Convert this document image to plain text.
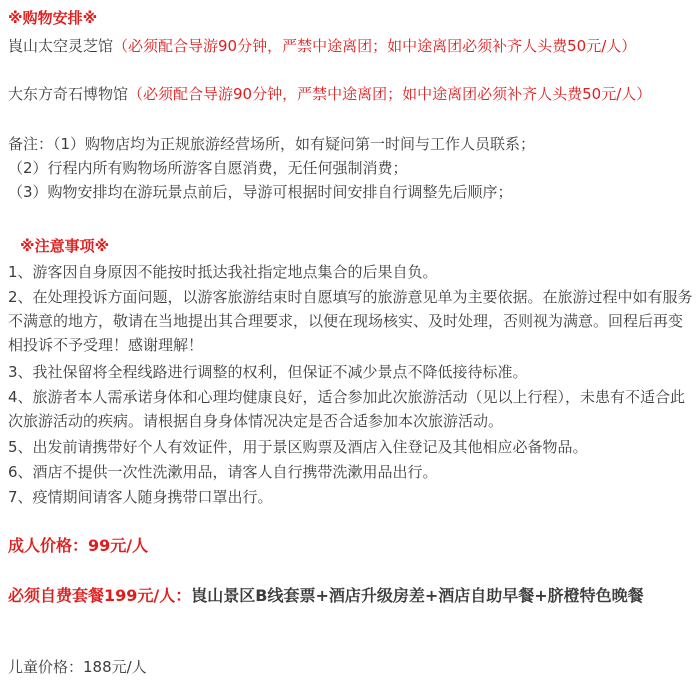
※购物安排※
崀山太空灵芝馆（必须配合导游90分钟，严禁中途离团；如中途离团必须补齐人头费50元/人）
大东方奇石博物馆（必须配合导游90分钟，严禁中途离团；如中途离团必须补齐人头费50元/人）
备注：（1）购物店均为正规旅游经营场所，如有疑问第一时间与工作人员联系；
（2）行程内所有购物场所游客自愿消费，无任何强制消费；
（3）购物安排均在游玩景点前后，导游可根据时间安排自行调整先后顺序；
※注意事项※
1、游客因自身原因不能按时抵达我社指定地点集合的后果自负。
2、在处理投诉方面问题，以游客旅游结束时自愿填写的旅游意见单为主要依据。在旅游过程中如有服务不满意的地方，敬请在当地提出其合理要求，以便在现场核实、及时处理，否则视为满意。回程后再变相投诉不予受理！感谢理解！
3、我社保留将全程线路进行调整的权利，但保证不减少景点不降低接待标准。
4、旅游者本人需承诺身体和心理均健康良好，适合参加此次旅游活动（见以上行程），未患有不适合此次旅游活动的疾病。请根据自身身体情况决定是否合适参加本次旅游活动。
5、出发前请携带好个人有效证件，用于景区购票及酒店入住登记及其他相应必备物品。
6、酒店不提供一次性洗漱用品，请客人自行携带洗漱用品出行。
7、疫情期间请客人随身携带口罩出行。
成人价格：99元/人
必须自费套餐199元/人：崀山景区B线套票+酒店升级房差+酒店自助早餐+脐橙特色晚餐
儿童价格：188元/人
